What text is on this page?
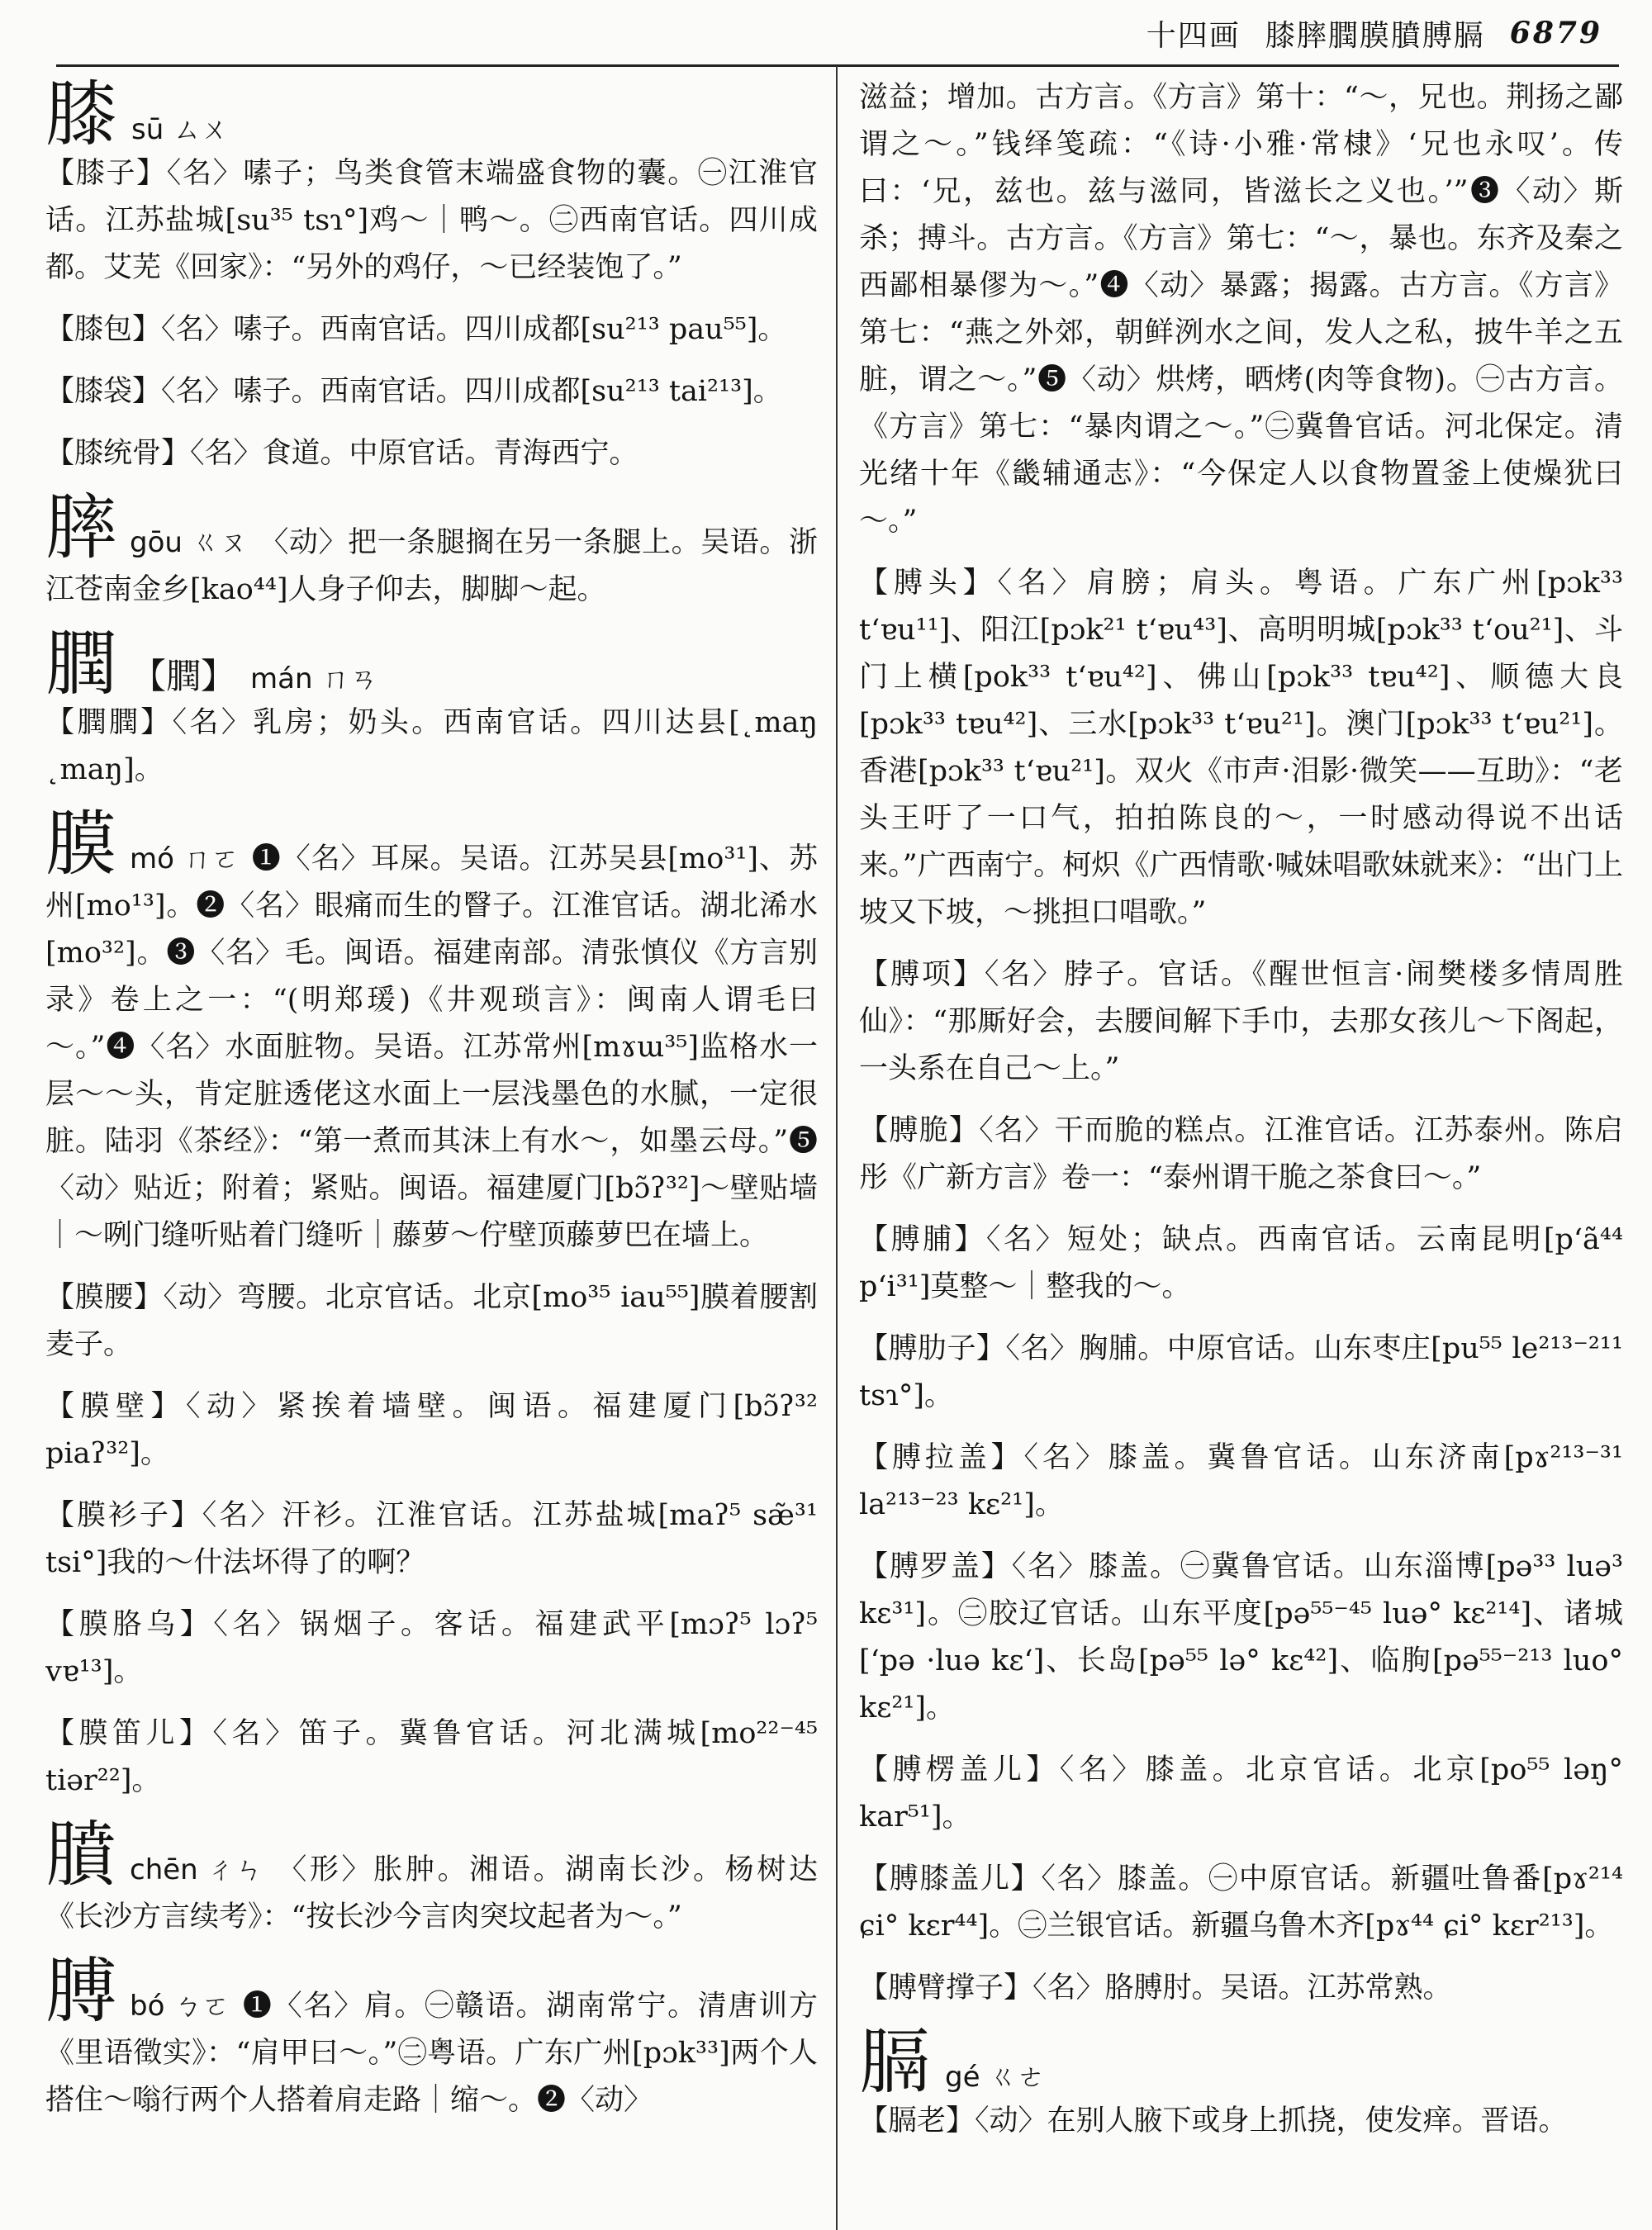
十四画 膝膟膶膜膹膊膈 6879
膝 sū ㄙㄨ

【膝子】〈名〉嗉子；鸟类食管末端盛食物的囊。㊀江淮官话。江苏盐城[su³⁵ tsɿ°]鸡～｜鸭～。㊁西南官话。四川成都。艾芜《回家》：“另外的鸡仔，～已经装饱了。”

【膝包】〈名〉嗉子。西南官话。四川成都[su²¹³ pau⁵⁵]。

【膝袋】〈名〉嗉子。西南官话。四川成都[su²¹³ tai²¹³]。

【膝统骨】〈名〉食道。中原官话。青海西宁。

膟 gōu ㄍㄡ 〈动〉把一条腿搁在另一条腿上。吴语。浙江苍南金乡[kao⁴⁴]人身子仰去，脚脚～起。

膶 【膶】 mán ㄇㄢ

【膶膶】〈名〉乳房；奶头。西南官话。四川达县[˛maŋ ˛maŋ]。

膜 mó ㄇㄛ ❶〈名〉耳屎。吴语。江苏吴县[mo³¹]、苏州[mo¹³]。❷〈名〉眼痛而生的瞖子。江淮官话。湖北浠水[mo³²]。❸〈名〉毛。闽语。福建南部。清张慎仪《方言别录》卷上之一：“(明郑瑗)《井观琐言》：闽南人谓毛曰～。”❹〈名〉水面脏物。吴语。江苏常州[mɤɯ³⁵]监格水一层～～头，肯定脏透佬这水面上一层浅墨色的水腻，一定很脏。陆羽《茶经》：“第一煮而其沫上有水～，如墨云母。”❺〈动〉贴近；附着；紧贴。闽语。福建厦门[bɔ̃ʔ³²]～壁贴墙｜～咧门缝听贴着门缝听｜藤萝～佇壁顶藤萝巴在墙上。

【膜腰】〈动〉弯腰。北京官话。北京[mo³⁵ iau⁵⁵]膜着腰割麦子。

【膜壁】〈动〉紧挨着墙壁。闽语。福建厦门[bɔ̃ʔ³² piaʔ³²]。

【膜衫子】〈名〉汗衫。江淮官话。江苏盐城[maʔ⁵ sæ̃³¹ tsi°]我的～什法坏得了的啊？

【膜胳乌】〈名〉锅烟子。客话。福建武平[mɔʔ⁵ lɔʔ⁵ vɐ¹³]。

【膜笛儿】〈名〉笛子。冀鲁官话。河北满城[mo²²⁻⁴⁵ tiər²²]。

膹 chēn ㄔㄣ 〈形〉胀肿。湘语。湖南长沙。杨树达《长沙方言续考》：“按长沙今言肉突坟起者为～。”

膊 bó ㄅㄛ ❶〈名〉肩。㊀赣语。湖南常宁。清唐训方《里语徵实》：“肩甲曰～。”㊁粤语。广东广州[pɔk³³]两个人搭住～嗡行两个人搭着肩走路｜缩～。❷〈动〉

滋益；增加。古方言。《方言》第十：“～，兄也。荆扬之鄙谓之～。”钱绎笺疏：“《诗·小雅·常棣》‘兄也永叹’。传曰：‘兄，兹也。兹与滋同，皆滋长之义也。’”❸〈动〉斯杀；搏斗。古方言。《方言》第七：“～，暴也。东齐及秦之西鄙相暴僇为～。”❹〈动〉暴露；揭露。古方言。《方言》第七：“燕之外郊，朝鲜洌水之间，发人之私，披牛羊之五脏，谓之～。”❺〈动〉烘烤，晒烤(肉等食物)。㊀古方言。《方言》第七：“暴肉谓之～。”㊁冀鲁官话。河北保定。清光绪十年《畿辅通志》：“今保定人以食物置釜上使燥犹曰～。”

【膊头】〈名〉肩膀；肩头。粤语。广东广州[pɔk³³ tʻɐu¹¹]、阳江[pɔk²¹ tʻɐu⁴³]、高明明城[pɔk³³ tʻou²¹]、斗门上横[pok³³ tʻɐu⁴²]、佛山[pɔk³³ tɐu⁴²]、顺德大良[pɔk³³ tɐu⁴²]、三水[pɔk³³ tʻɐu²¹]。澳门[pɔk³³ tʻɐu²¹]。香港[pɔk³³ tʻɐu²¹]。双火《市声·泪影·微笑——互助》：“老头王吁了一口气，拍拍陈良的～，一时感动得说不出话来。”广西南宁。柯炽《广西情歌·喊妹唱歌妹就来》：“出门上坡又下坡，～挑担口唱歌。”

【膊项】〈名〉脖子。官话。《醒世恒言·闹樊楼多情周胜仙》：“那厮好会，去腰间解下手巾，去那女孩儿～下阁起，一头系在自己～上。”

【膊脆】〈名〉干而脆的糕点。江淮官话。江苏泰州。陈启彤《广新方言》卷一：“泰州谓干脆之茶食曰～。”

【膊脯】〈名〉短处；缺点。西南官话。云南昆明[pʻã⁴⁴ pʻi³¹]莫整～｜整我的～。

【膊肋子】〈名〉胸脯。中原官话。山东枣庄[pu⁵⁵ le²¹³⁻²¹¹ tsɿ°]。

【膊拉盖】〈名〉膝盖。冀鲁官话。山东济南[pɤ²¹³⁻³¹ la²¹³⁻²³ kɛ²¹]。

【膊罗盖】〈名〉膝盖。㊀冀鲁官话。山东淄博[pə³³ luə³ kɛ³¹]。㊁胶辽官话。山东平度[pə⁵⁵⁻⁴⁵ luə° kɛ²¹⁴]、诸城[ʻpə ·luə kɛʻ]、长岛[pə⁵⁵ lə° kɛ⁴²]、临朐[pə⁵⁵⁻²¹³ luo° kɛ²¹]。

【膊楞盖儿】〈名〉膝盖。北京官话。北京[po⁵⁵ ləŋ° kar⁵¹]。

【膊膝盖儿】〈名〉膝盖。㊀中原官话。新疆吐鲁番[pɤ²¹⁴ ɕi° kɛr⁴⁴]。㊁兰银官话。新疆乌鲁木齐[pɤ⁴⁴ ɕi° kɛr²¹³]。

【膊臂撑子】〈名〉胳膊肘。吴语。江苏常熟。

膈 gé ㄍㄜ

【膈老】〈动〉在别人腋下或身上抓挠，使发痒。晋语。
